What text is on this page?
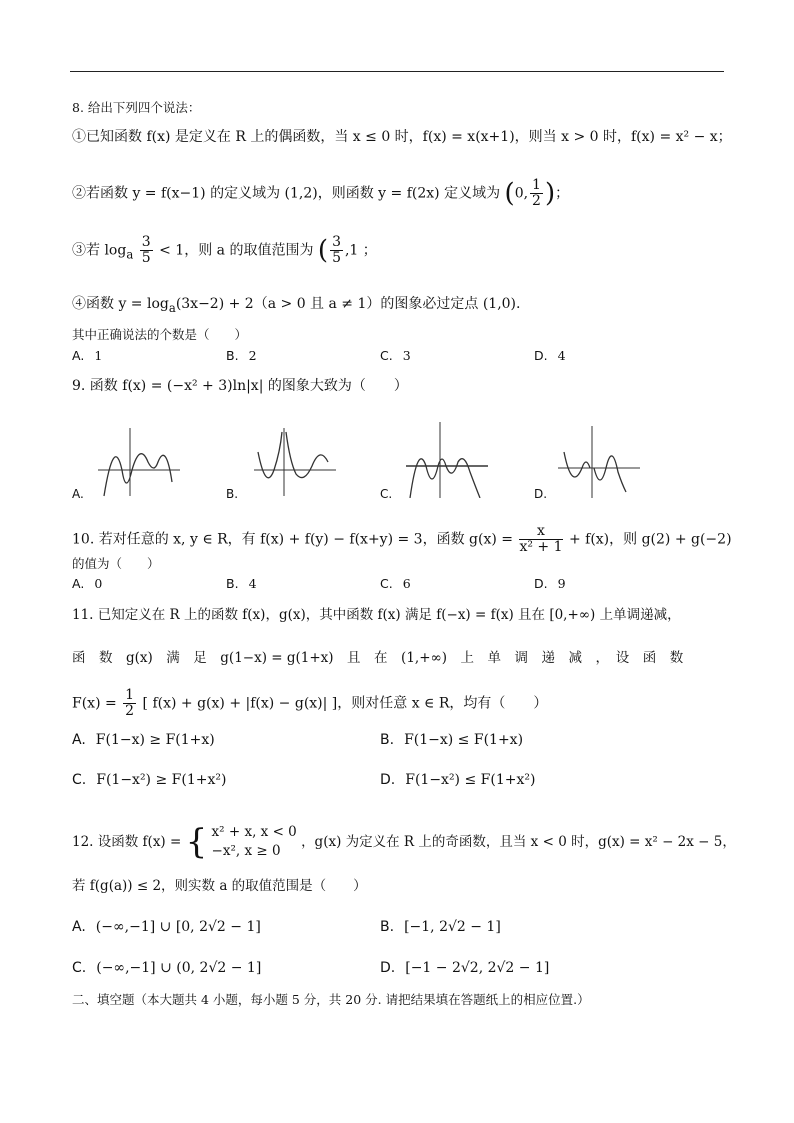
8. 给出下列四个说法：
①已知函数 f(x) 是定义在 R 上的偶函数，当 x ≤ 0 时，f(x) = x(x+1)，则当 x > 0 时，f(x) = x² − x；
②若函数 y = f(x−1) 的定义域为 (1,2)，则函数 y = f(2x) 定义域为 (0, $\frac{1}{2}$ )；
③若 $\log_a \frac{3}{5} < 1$，则 a 的取值范围为 ( $\frac{3}{5} ,1$ ；
④函数 $y = \log_a(3x-2) + 2(a > 0$ 且 a ≠ 1）的图象必过定点 (1,0).
其中正确说法的个数是（　　）
A. 1	B. 2	C. 3	D. 4
9. 函数 f(x) = (−x² + 3)ln|x| 的图象大致为（　　）
A.	B.	C.	D.
10. 若对任意的 x, y ∈ R，有 f(x) + f(y) − f(x+y) = 3，函数 $g(x) = \frac{x}{\text{x² + 1}} + f(x)$，则 g(2) + g(−2)
的值为（　　）
A. 0	B. 4	C. 6	D. 9
11. 已知定义在 R 上的函数 f(x)，g(x)，其中函数 f(x) 满足 f(−x) = f(x) 且在 [0,+∞) 上单调递减，
函　数　g(x)　满　足　g(1−x) = g(1+x)　且　在　(1,+∞)　上　单　调　递　减　，　设　函　数
$F(x) = \frac{1}{2}$ [ f(x) + g(x) + |f(x) − g(x)| ]，则对任意 x ∈ R，均有（　　）
A. F(1−x) ≥ F(1+x)	B. F(1−x) ≤ F(1+x)
C. F(1−x²) ≥ F(1+x²)	D. F(1−x²) ≤ F(1+x²)
12. 设函数 f(x) = { x² + x, x < 0
−x², x ≥ 0
，g(x) 为定义在 R 上的奇函数，且当 x < 0 时，g(x) = x² − 2x − 5，
若 f(g(a)) ≤ 2，则实数 a 的取值范围是（　　）
A. (−∞,−1] ∪ [0, 2√2 − 1]	B. [−1, 2√2 − 1]
C. (−∞,−1] ∪ (0, 2√2 − 1]	D. [−1 − 2√2, 2√2 − 1]
二、填空题（本大题共 4 小题，每小题 5 分，共 20 分. 请把结果填在答题纸上的相应位置.）
